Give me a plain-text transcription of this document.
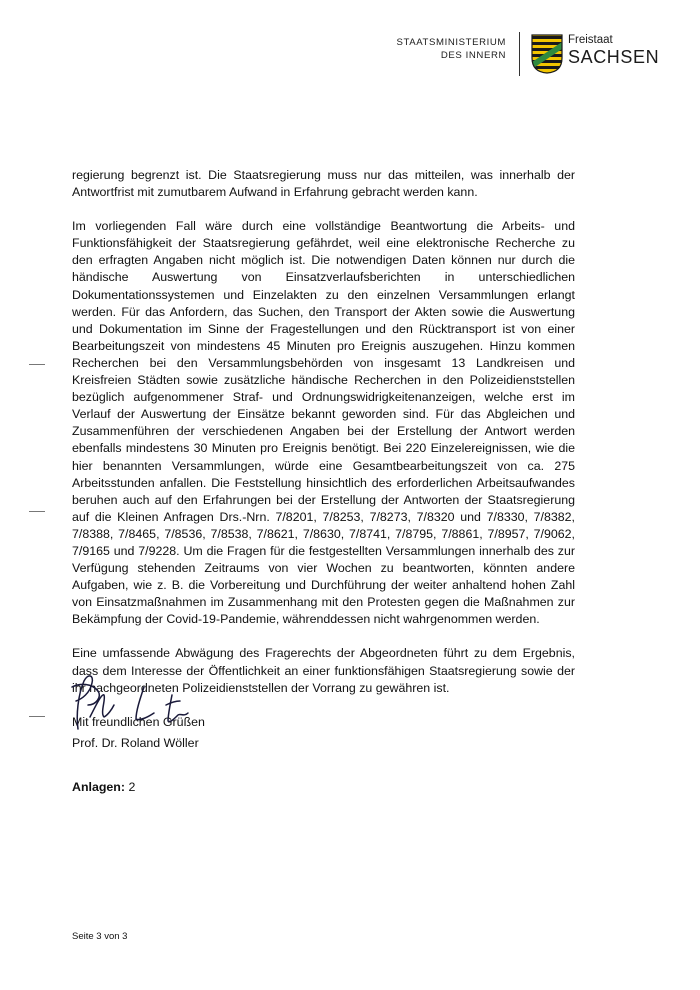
STAATSMINISTERIUM
DES INNERN
Freistaat
SACHSEN

regierung begrenzt ist. Die Staatsregierung muss nur das mitteilen, was innerhalb der Antwortfrist mit zumutbarem Aufwand in Erfahrung gebracht werden kann.

Im vorliegenden Fall wäre durch eine vollständige Beantwortung die Arbeits- und Funktionsfähigkeit der Staatsregierung gefährdet, weil eine elektronische Recherche zu den erfragten Angaben nicht möglich ist. Die notwendigen Daten können nur durch die händische Auswertung von Einsatzverlaufsberichten in unterschiedlichen Dokumentationssystemen und Einzelakten zu den einzelnen Versammlungen erlangt werden. Für das Anfordern, das Suchen, den Transport der Akten sowie die Auswertung und Dokumentation im Sinne der Fragestellungen und den Rücktransport ist von einer Bearbeitungszeit von mindestens 45 Minuten pro Ereignis auszugehen. Hinzu kommen Recherchen bei den Versammlungsbehörden von insgesamt 13 Landkreisen und Kreisfreien Städten sowie zusätzliche händische Recherchen in den Polizeidienststellen bezüglich aufgenommener Straf- und Ordnungswidrigkeitenanzeigen, welche erst im Verlauf der Auswertung der Einsätze bekannt geworden sind. Für das Abgleichen und Zusammenführen der verschiedenen Angaben bei der Erstellung der Antwort werden ebenfalls mindestens 30 Minuten pro Ereignis benötigt. Bei 220 Einzelereignissen, wie die hier benannten Versammlungen, würde eine Gesamtbearbeitungszeit von ca. 275 Arbeitsstunden anfallen. Die Feststellung hinsichtlich des erforderlichen Arbeitsaufwandes beruhen auch auf den Erfahrungen bei der Erstellung der Antworten der Staatsregierung auf die Kleinen Anfragen Drs.-Nrn. 7/8201, 7/8253, 7/8273, 7/8320 und 7/8330, 7/8382, 7/8388, 7/8465, 7/8536, 7/8538, 7/8621, 7/8630, 7/8741, 7/8795, 7/8861, 7/8957, 7/9062, 7/9165 und 7/9228. Um die Fragen für die festgestellten Versammlungen innerhalb des zur Verfügung stehenden Zeitraums von vier Wochen zu beantworten, könnten andere Aufgaben, wie z. B. die Vorbereitung und Durchführung der weiter anhaltend hohen Zahl von Einsatzmaßnahmen im Zusammenhang mit den Protesten gegen die Maßnahmen zur Bekämpfung der Covid-19-Pandemie, währenddessen nicht wahrgenommen werden.

Eine umfassende Abwägung des Fragerechts der Abgeordneten führt zu dem Ergebnis, dass dem Interesse der Öffentlichkeit an einer funktionsfähigen Staatsregierung sowie der ihr nachgeordneten Polizeidienststellen der Vorrang zu gewähren ist.

Mit freundlichen Grüßen

Prof. Dr. Roland Wöller
Anlagen: 2
Seite 3 von 3
